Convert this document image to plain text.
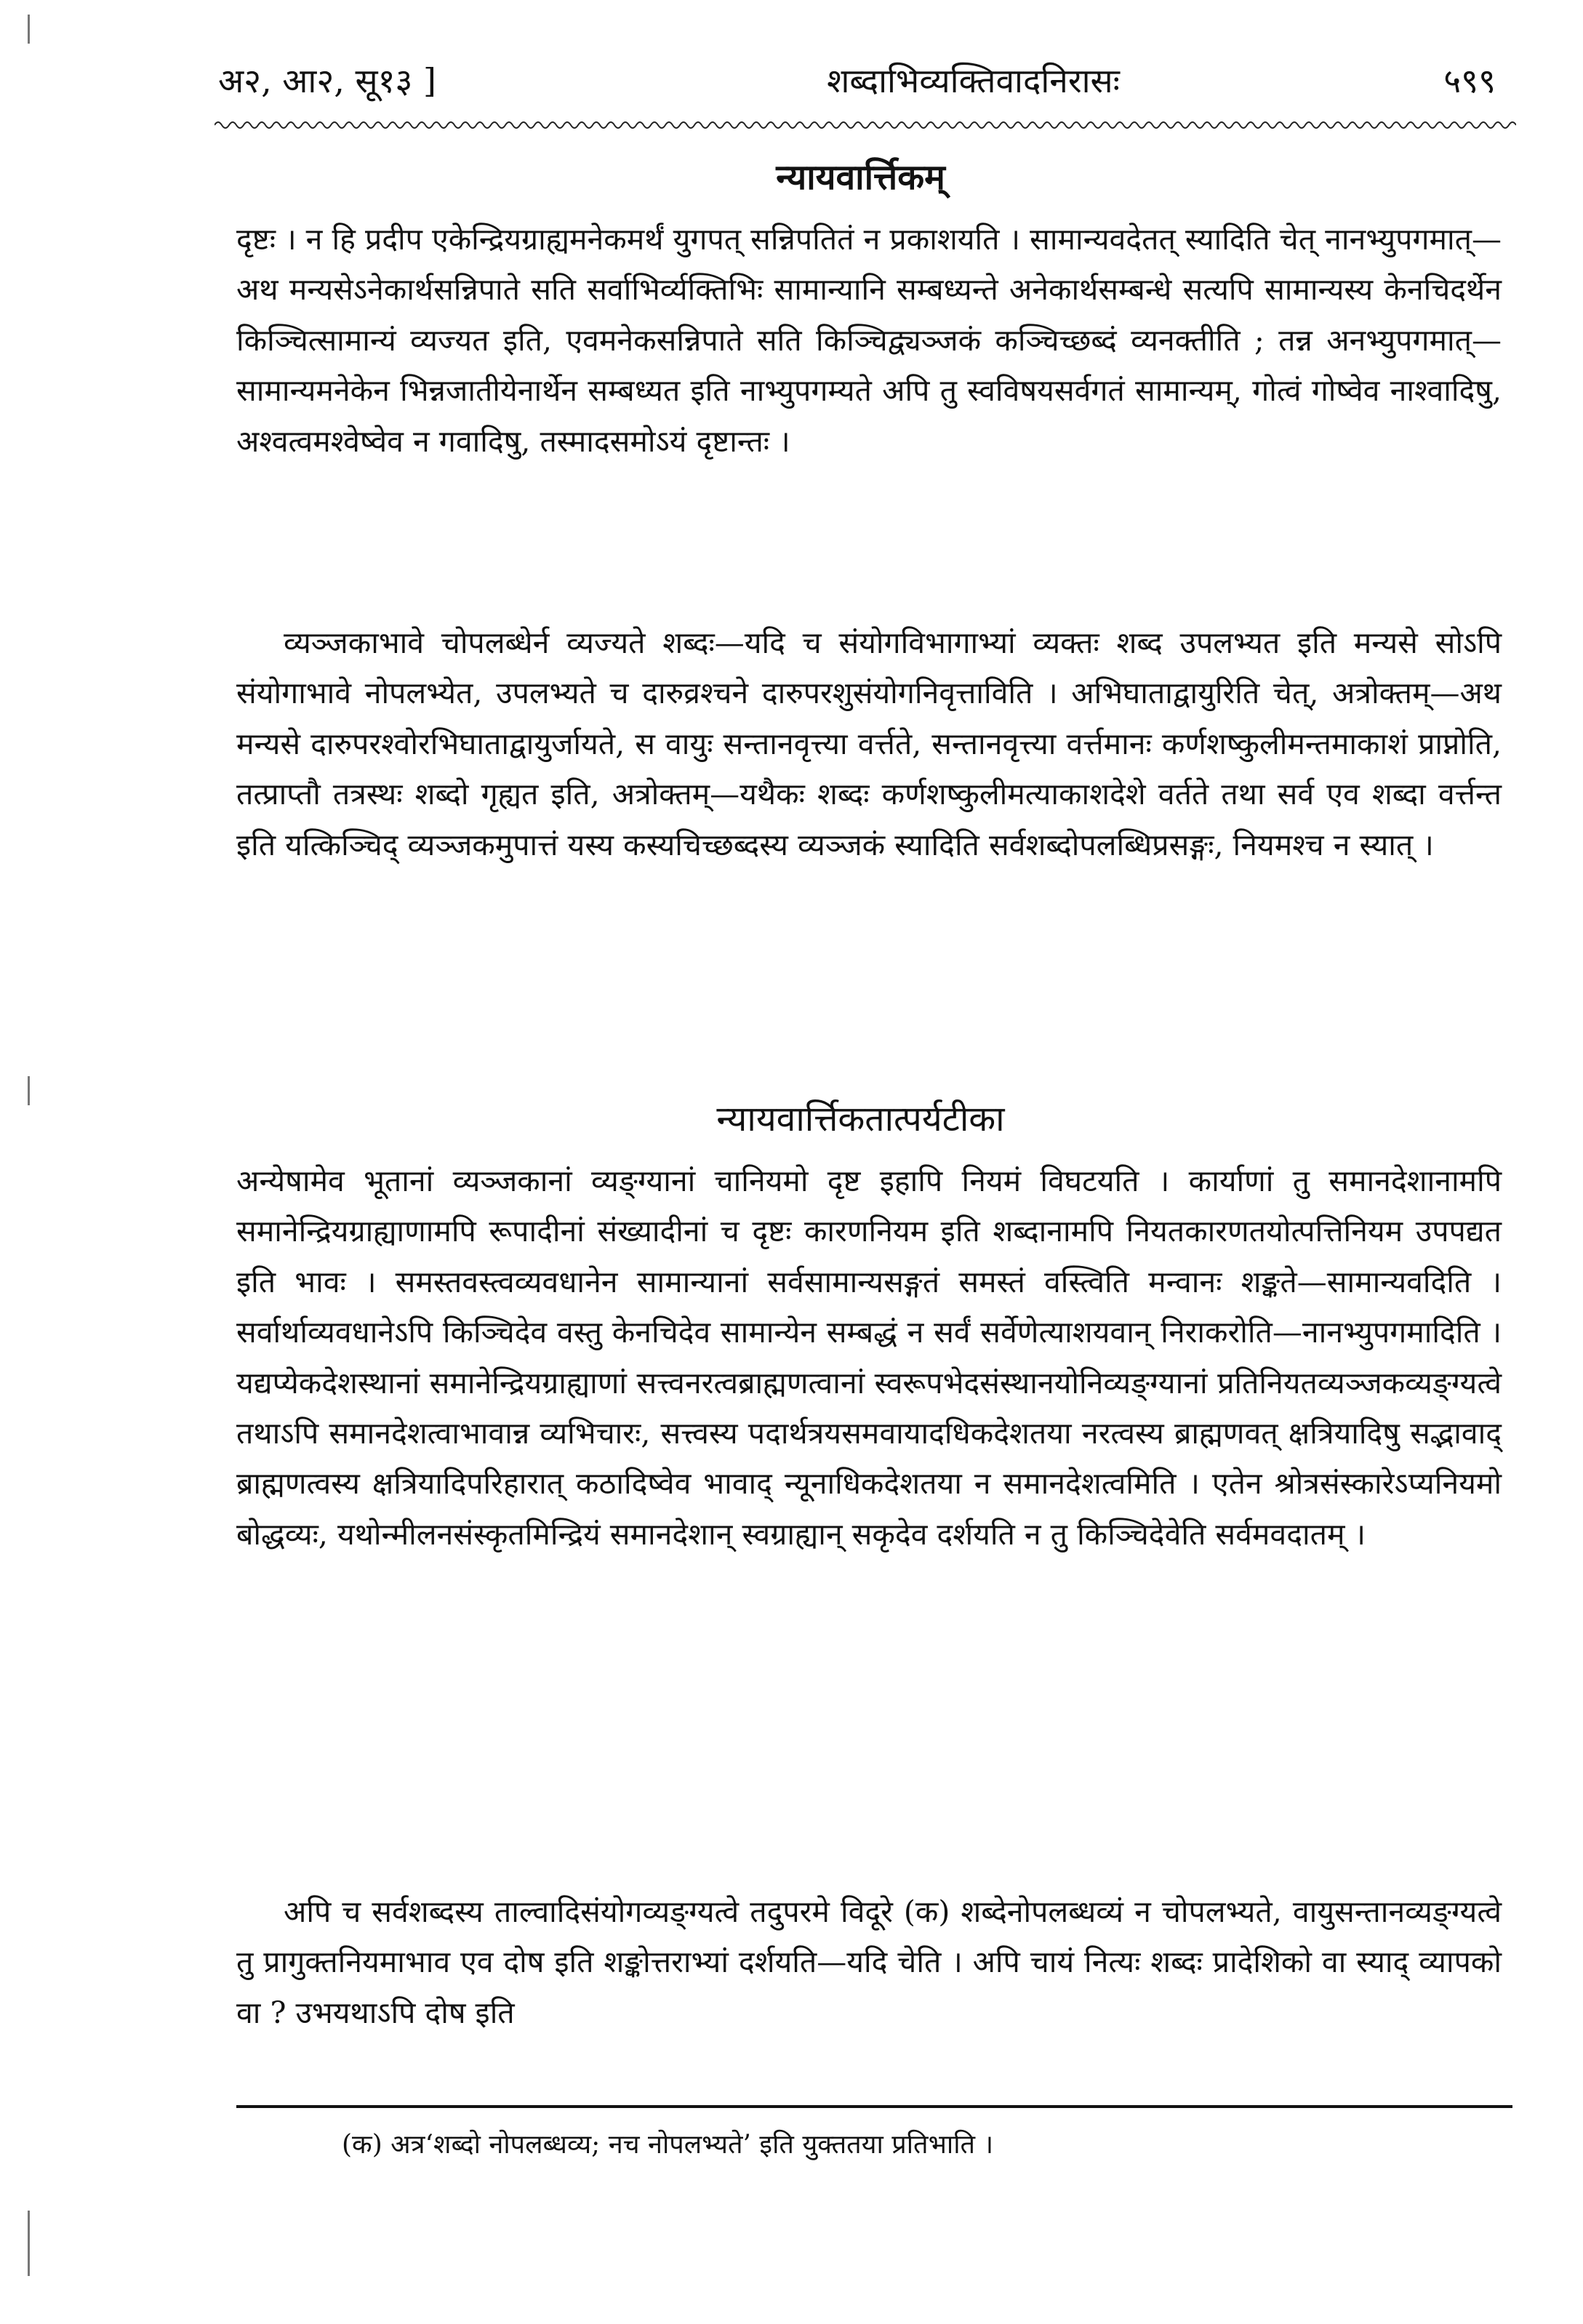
अ२, आ२, सू१३ ]	शब्दाभिव्यक्तिवादनिरासः	५९९
न्यायवार्त्तिकम्

दृष्टः । न हि प्रदीप एकेन्द्रियग्राह्यमनेकमर्थं युगपत् सन्निपतितं न प्रकाशयति । सामान्यवदेतत् स्यादिति चेत् नानभ्युपगमात्—अथ मन्यसेऽनेकार्थसन्निपाते सति सर्वाभिर्व्यक्तिभिः सामान्यानि सम्बध्यन्ते अनेकार्थसम्बन्धे सत्यपि सामान्यस्य केनचिदर्थेन किञ्चित्सामान्यं व्यज्यत इति, एवमनेकसन्निपाते सति किञ्चिद्व्यञ्जकं कञ्चिच्छब्दं व्यनक्तीति ; तन्न अनभ्युपगमात्—सामान्यमनेकेन भिन्नजातीयेनार्थेन सम्बध्यत इति नाभ्युपगम्यते अपि तु स्वविषयसर्वगतं सामान्यम्, गोत्वं गोष्वेव नाश्वादिषु, अश्वत्वमश्वेष्वेव न गवादिषु, तस्मादसमोऽयं दृष्टान्तः ।

व्यञ्जकाभावे चोपलब्धेर्न व्यज्यते शब्दः—यदि च संयोगविभागाभ्यां व्यक्तः शब्द उपलभ्यत इति मन्यसे सोऽपि संयोगाभावे नोपलभ्येत, उपलभ्यते च दारुव्रश्चने दारुपरशुसंयोगनिवृत्ताविति । अभिघाताद्वायुरिति चेत्, अत्रोक्तम्—अथ मन्यसे दारुपरश्वोरभिघाताद्वायुर्जायते, स वायुः सन्तानवृत्त्या वर्त्तते, सन्तानवृत्त्या वर्त्तमानः कर्णशष्कुलीमन्तमाकाशं प्राप्नोति, तत्प्राप्तौ तत्रस्थः शब्दो गृह्यत इति, अत्रोक्तम्—यथैकः शब्दः कर्णशष्कुलीमत्याकाशदेशे वर्तते तथा सर्व एव शब्दा वर्त्तन्त इति यत्किञ्चिद् व्यञ्जकमुपात्तं यस्य कस्यचिच्छब्दस्य व्यञ्जकं स्यादिति सर्वशब्दोपलब्धिप्रसङ्गः, नियमश्च न स्यात् ।

न्यायवार्त्तिकतात्पर्यटीका

अन्येषामेव भूतानां व्यञ्जकानां व्यङ्ग्यानां चानियमो दृष्ट इहापि नियमं विघटयति । कार्याणां तु समानदेशानामपि समानेन्द्रियग्राह्याणामपि रूपादीनां संख्यादीनां च दृष्टः कारणनियम इति शब्दानामपि नियतकारणतयोत्पत्तिनियम उपपद्यत इति भावः । समस्तवस्त्वव्यवधानेन सामान्यानां सर्वसामान्यसङ्गतं समस्तं वस्त्विति मन्वानः शङ्कते—सामान्यवदिति । सर्वार्थाव्यवधानेऽपि किञ्चिदेव वस्तु केनचिदेव सामान्येन सम्बद्धं न सर्वं सर्वेणेत्याशयवान् निराकरोति—नानभ्युपगमादिति । यद्यप्येकदेशस्थानां समानेन्द्रियग्राह्याणां सत्त्वनरत्वब्राह्मणत्वानां स्वरूपभेदसंस्थानयोनिव्यङ्ग्यानां प्रतिनियतव्यञ्जकव्यङ्ग्यत्वे तथाऽपि समानदेशत्वाभावान्न व्यभिचारः, सत्त्वस्य पदार्थत्रयसमवायादधिकदेशतया नरत्वस्य ब्राह्मणवत् क्षत्रियादिषु सद्भावाद् ब्राह्मणत्वस्य क्षत्रियादिपरिहारात् कठादिष्वेव भावाद् न्यूनाधिकदेशतया न समानदेशत्वमिति । एतेन श्रोत्रसंस्कारेऽप्यनियमो बोद्धव्यः, यथोन्मीलनसंस्कृतमिन्द्रियं समानदेशान् स्वग्राह्यान् सकृदेव दर्शयति न तु किञ्चिदेवेति सर्वमवदातम् ।

अपि च सर्वशब्दस्य ताल्वादिसंयोगव्यङ्ग्यत्वे तदुपरमे विदूरे (क) शब्देनोपलब्धव्यं न चोपलभ्यते, वायुसन्तानव्यङ्ग्यत्वे तु प्रागुक्तनियमाभाव एव दोष इति शङ्कोत्तराभ्यां दर्शयति—यदि चेति । अपि चायं नित्यः शब्दः प्रादेशिको वा स्याद् व्यापको वा ? उभयथाऽपि दोष इति

(क) अत्र‘शब्दो नोपलब्धव्य; नच नोपलभ्यते’ इति युक्ततया प्रतिभाति ।
